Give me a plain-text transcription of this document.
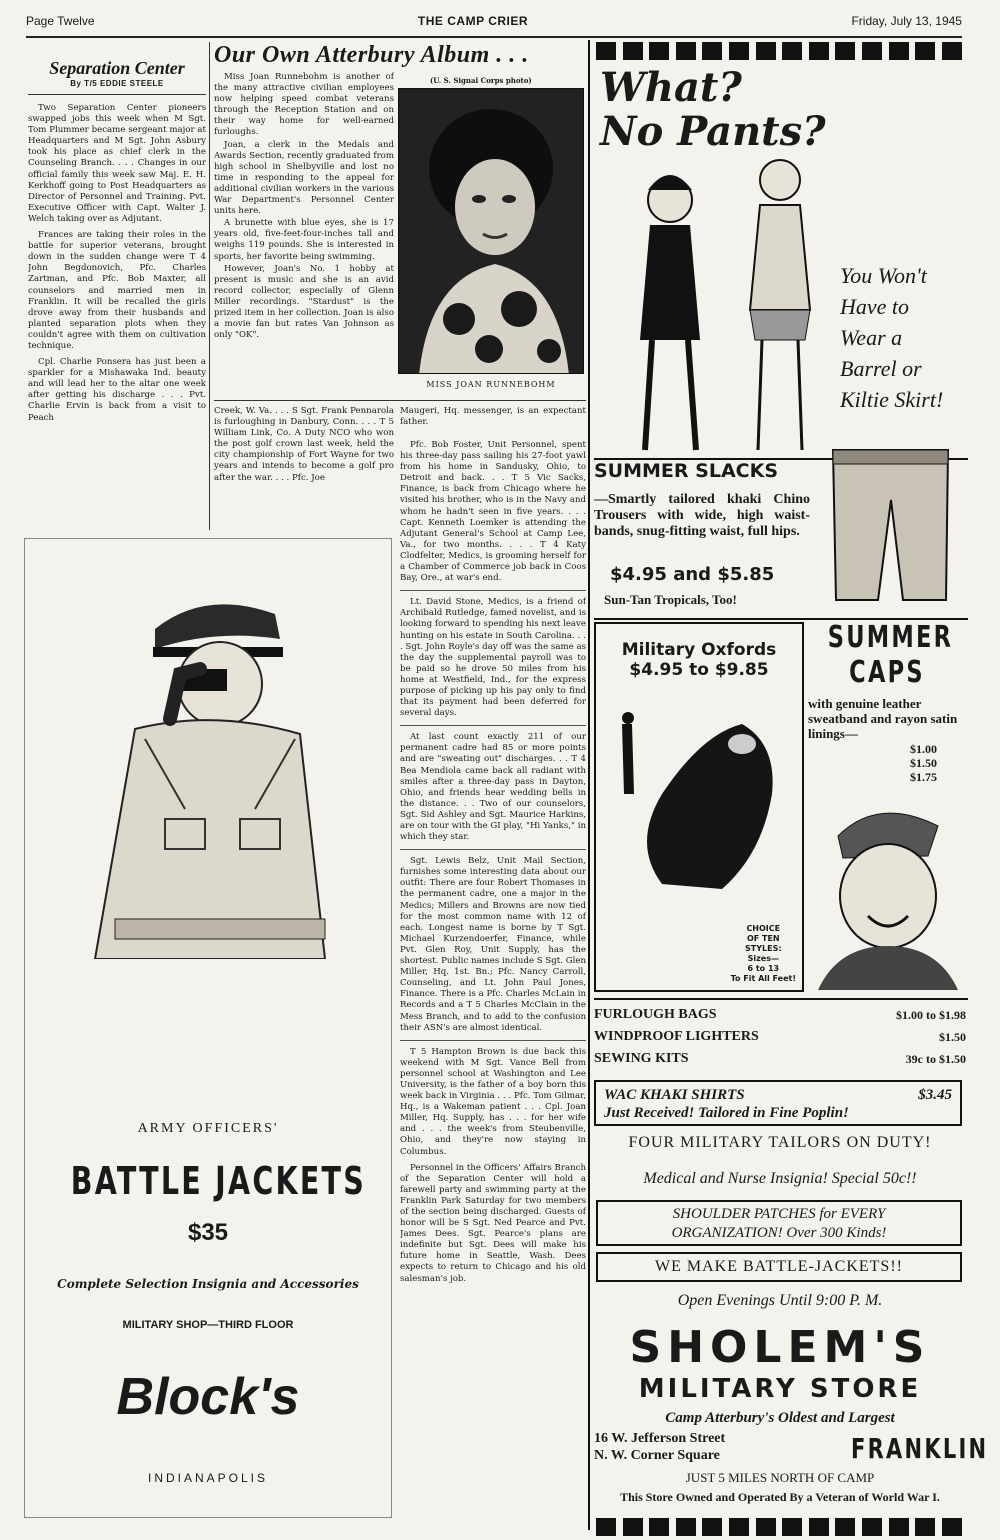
Page Twelve	THE CAMP CRIER	Friday, July 13, 1945
Separation Center
By T/5 EDDIE STEELE

Two Separation Center pioneers swapped jobs this week when M Sgt. Tom Plummer became sergeant major at Headquarters and M Sgt. John Asbury took his place as chief clerk in the Counseling Branch. . . . Changes in our official family this week saw Maj. E. H. Kerkhoff going to Post Headquarters as Director of Personnel and Training. Pvt. Executive Officer with Capt. Walter J. Welch taking over as Adjutant.

Frances are taking their roles in the battle for superior veterans, brought down in the sudden change were T 4 John Begdonovich, Pfc. Charles Zartman, and Pfc. Bob Maxter, all counselors and married men in Franklin. It will be recalled the girls drove away from their husbands and planted separation plots when they couldn't agree with them on cultivation technique.

Cpl. Charlie Ponsera has just been a sparkler for a Mishawaka Ind. beauty and will lead her to the altar one week after getting his discharge . . . Pvt. Charlie Ervin is back from a visit to Peach

Our Own Atterbury Album . . .

Miss Joan Runnebohm is another of the many attractive civilian employees now helping speed combat veterans through the Reception Station and on their way home for well-earned furloughs.

Joan, a clerk in the Medals and Awards Section, recently graduated from high school in Shelbyville and lost no time in responding to the appeal for additional civilian workers in the various War Department's Personnel Center units here.

A brunette with blue eyes, she is 17 years old, five-feet-four-inches tall and weighs 119 pounds. She is interested in sports, her favorite being swimming.

However, Joan's No. 1 hobby at present is music and she is an avid record collector, especially of Glenn Miller recordings. "Stardust" is the prized item in her collection. Joan is also a movie fan but rates Van Johnson as only "OK".

(U. S. Signal Corps photo)
MISS JOAN RUNNEBOHM

Creek, W. Va. . . . S Sgt. Frank Pennarola is furloughing in Danbury, Conn. . . . T 5 William Link, Co. A Duty NCO who won the post golf crown last week, held the city championship of Fort Wayne for two years and intends to become a golf pro after the war. . . . Pfc. Joe

Maugeri, Hq. messenger, is an expectant father.

Pfc. Bob Foster, Unit Personnel, spent his three-day pass sailing his 27-foot yawl from his home in Sandusky, Ohio, to Detroit and back. . . T 5 Vic Sacks, Finance, is back from Chicago where he visited his brother, who is in the Navy and whom he hadn't seen in five years. . . . Capt. Kenneth Loemker is attending the Adjutant General's School at Camp Lee, Va., for two months. . . . T 4 Katy Clodfelter, Medics, is grooming herself for a Chamber of Commerce job back in Coos Bay, Ore., at war's end.

Lt. David Stone, Medics, is a friend of Archibald Rutledge, famed novelist, and is looking forward to spending his next leave hunting on his estate in South Carolina. . . . Sgt. John Royle's day off was the same as the day the supplemental payroll was to be paid so he drove 50 miles from his home at Westfield, Ind., for the express purpose of picking up his pay only to find that its payment had been deferred for several days.

At last count exactly 211 of our permanent cadre had 85 or more points and are "sweating out" discharges. . . T 4 Bea Mendiola came back all radiant with smiles after a three-day pass in Dayton, Ohio, and friends hear wedding bells in the distance. . . Two of our counselors, Sgt. Sid Ashley and Sgt. Maurice Harkins, are on tour with the GI play, "Hi Yanks," in which they star.

Sgt. Lewis Belz, Unit Mail Section, furnishes some interesting data about our outfit: There are four Robert Thomases in the permanent cadre, one a major in the Medics; Millers and Browns are now tied for the most common name with 12 of each. Longest name is borne by T Sgt. Michael Kurzendoerfer, Finance, while Pvt. Glen Roy, Unit Supply, has the shortest. Public names include S Sgt. Glen Miller, Hq. 1st. Bn.; Pfc. Nancy Carroll, Counseling, and Lt. John Paul Jones, Finance. There is a Pfc. Charles McLain in Records and a T 5 Charles McClain in the Mess Branch, and to add to the confusion their ASN's are almost identical.

T 5 Hampton Brown is due back this weekend with M Sgt. Vance Bell from personnel school at Washington and Lee University, is the father of a boy born this week back in Virginia . . . Pfc. Tom Gilmar, Hq., is a Wakeman patient . . . Cpl. Joan Miller, Hq. Supply, has . . . for her wife and . . . the week's from Steubenville, Ohio, and they're now staying in Columbus.

Personnel in the Officers' Affairs Branch of the Separation Center will hold a farewell party and swimming party at the Franklin Park Saturday for two members of the section being discharged. Guests of honor will be S Sgt. Ned Pearce and Pvt. James Dees. Sgt. Pearce's plans are indefinite but Sgt. Dees will make his future home in Seattle, Wash. Dees expects to return to Chicago and his old salesman's job.

ARMY OFFICERS'
BATTLE JACKETS
$35
Complete Selection Insignia and Accessories
MILITARY SHOP—THIRD FLOOR
Block's
INDIANAPOLIS
What?
No Pants?
You Won't
Have to
Wear a
Barrel or
Kiltie Skirt!
SUMMER SLACKS
—Smartly tailored khaki Chino Trousers with wide, high waist-bands, snug-fitting waist, full hips.
$4.95 and $5.85
Sun-Tan Tropicals, Too!
Military Oxfords
$4.95 to $9.85
CHOICE
OF TEN
STYLES:
Sizes—
6 to 13
To Fit All Feet!
SUMMER
CAPS
with genuine leather sweatband and rayon satin linings—
$1.00
$1.50
$1.75
FURLOUGH BAGS	$1.00 to $1.98
WINDPROOF LIGHTERS	$1.50
SEWING KITS	39c to $1.50
WAC KHAKI SHIRTS	$3.45
Just Received! Tailored in Fine Poplin!
FOUR MILITARY TAILORS ON DUTY!
Medical and Nurse Insignia! Special 50c!!
SHOULDER PATCHES for EVERY
ORGANIZATION! Over 300 Kinds!
WE MAKE BATTLE-JACKETS!!
Open Evenings Until 9:00 P. M.
SHOLEM'S
MILITARY STORE
Camp Atterbury's Oldest and Largest
16 W. Jefferson Street
N. W. Corner Square	FRANKLIN
JUST 5 MILES NORTH OF CAMP
This Store Owned and Operated By a Veteran of World War I.
